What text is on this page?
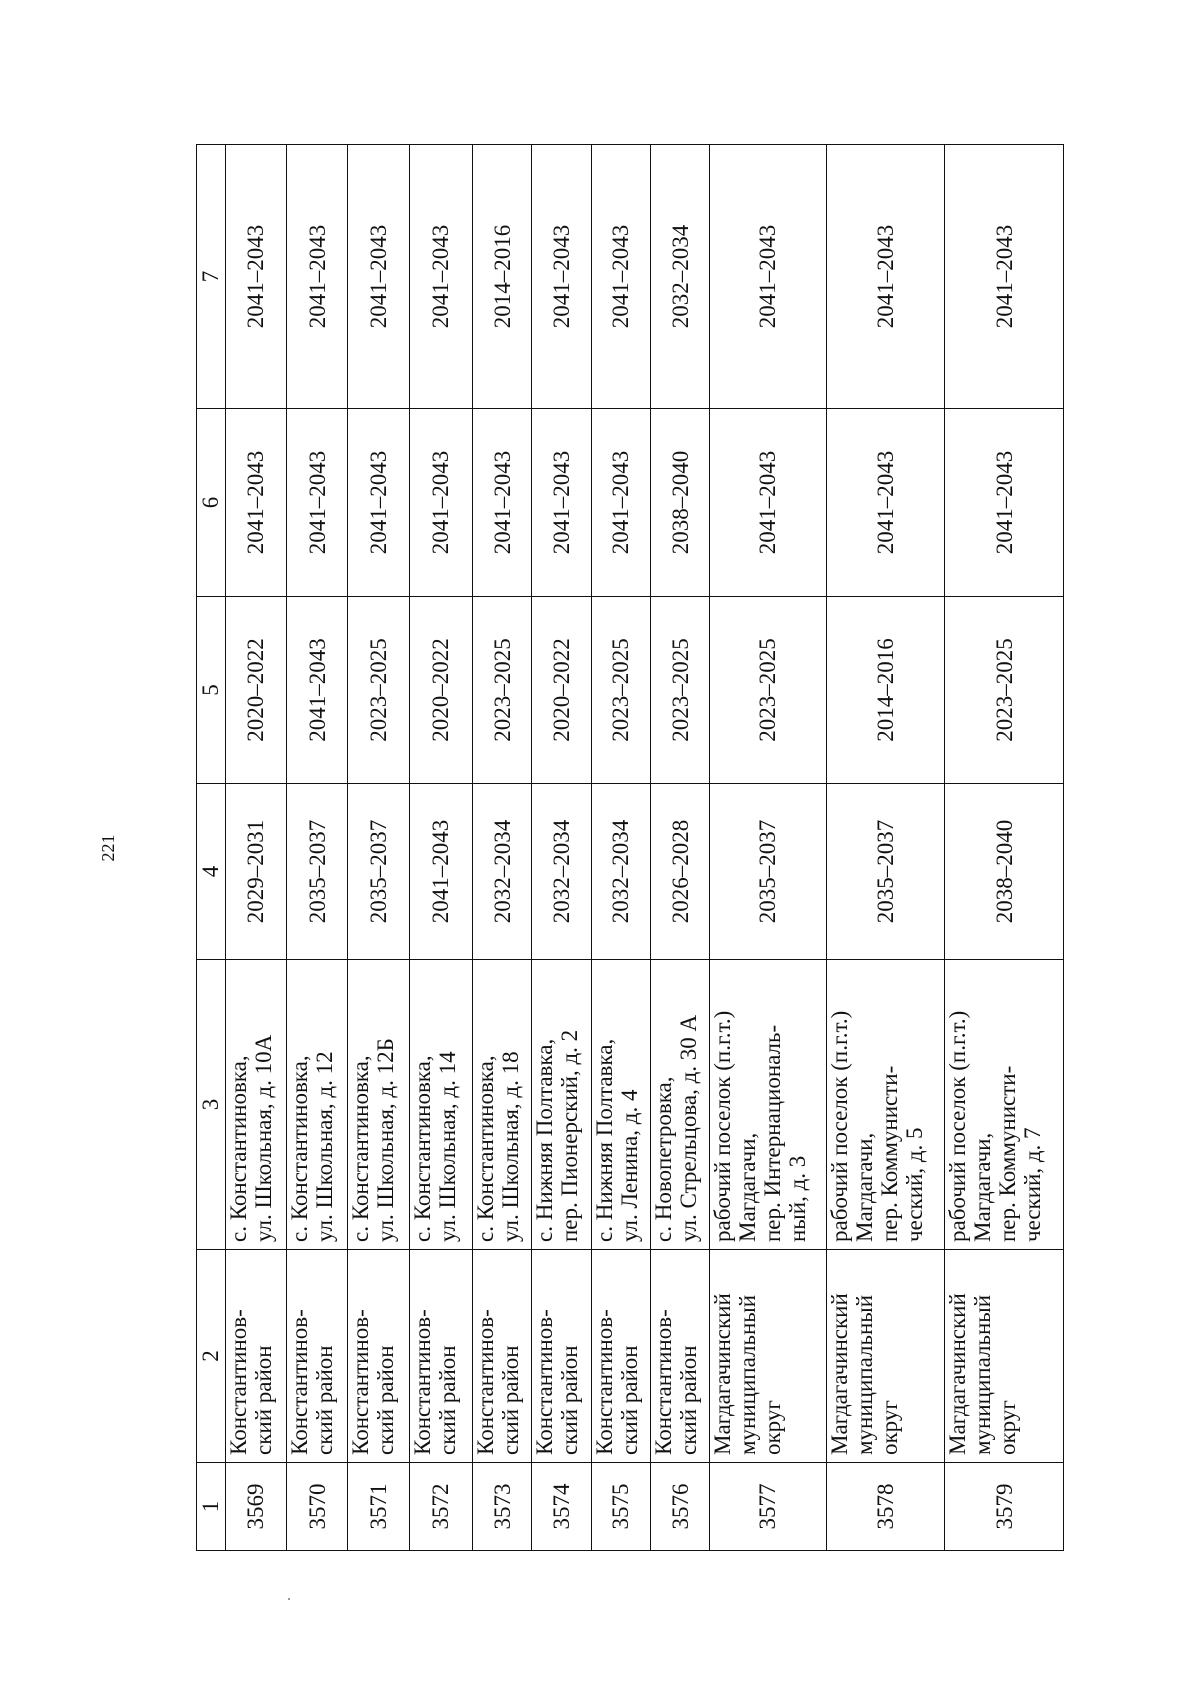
221
1	2	3	4	5	6	7
3569	Константинов- ский район	с. Константиновка, ул. Школьная, д. 10А	2029–2031	2020–2022	2041–2043	2041–2043
3570	Константинов- ский район	с. Константиновка, ул. Школьная, д. 12	2035–2037	2041–2043	2041–2043	2041–2043
3571	Константинов- ский район	с. Константиновка, ул. Школьная, д. 12Б	2035–2037	2023–2025	2041–2043	2041–2043
3572	Константинов- ский район	с. Константиновка, ул. Школьная, д. 14	2041–2043	2020–2022	2041–2043	2041–2043
3573	Константинов- ский район	с. Константиновка, ул. Школьная, д. 18	2032–2034	2023–2025	2041–2043	2014–2016
3574	Константинов- ский район	с. Нижняя Полтавка, пер. Пионерский, д. 2	2032–2034	2020–2022	2041–2043	2041–2043
3575	Константинов- ский район	с. Нижняя Полтавка, ул. Ленина, д. 4	2032–2034	2023–2025	2041–2043	2041–2043
3576	Константинов- ский район	с. Новопетровка, ул. Стрельцова, д. 30 А	2026–2028	2023–2025	2038–2040	2032–2034
3577	Магдагачинский муниципальный округ	рабочий поселок (п.г.т.) Магдагачи, пер. Интернациональ- ный, д. 3	2035–2037	2023–2025	2041–2043	2041–2043
3578	Магдагачинский муниципальный округ	рабочий поселок (п.г.т.) Магдагачи, пер. Коммунисти- ческий, д. 5	2035–2037	2014–2016	2041–2043	2041–2043
3579	Магдагачинский муниципальный округ	рабочий поселок (п.г.т.) Магдагачи, пер. Коммунисти- ческий, д. 7	2038–2040	2023–2025	2041–2043	2041–2043
